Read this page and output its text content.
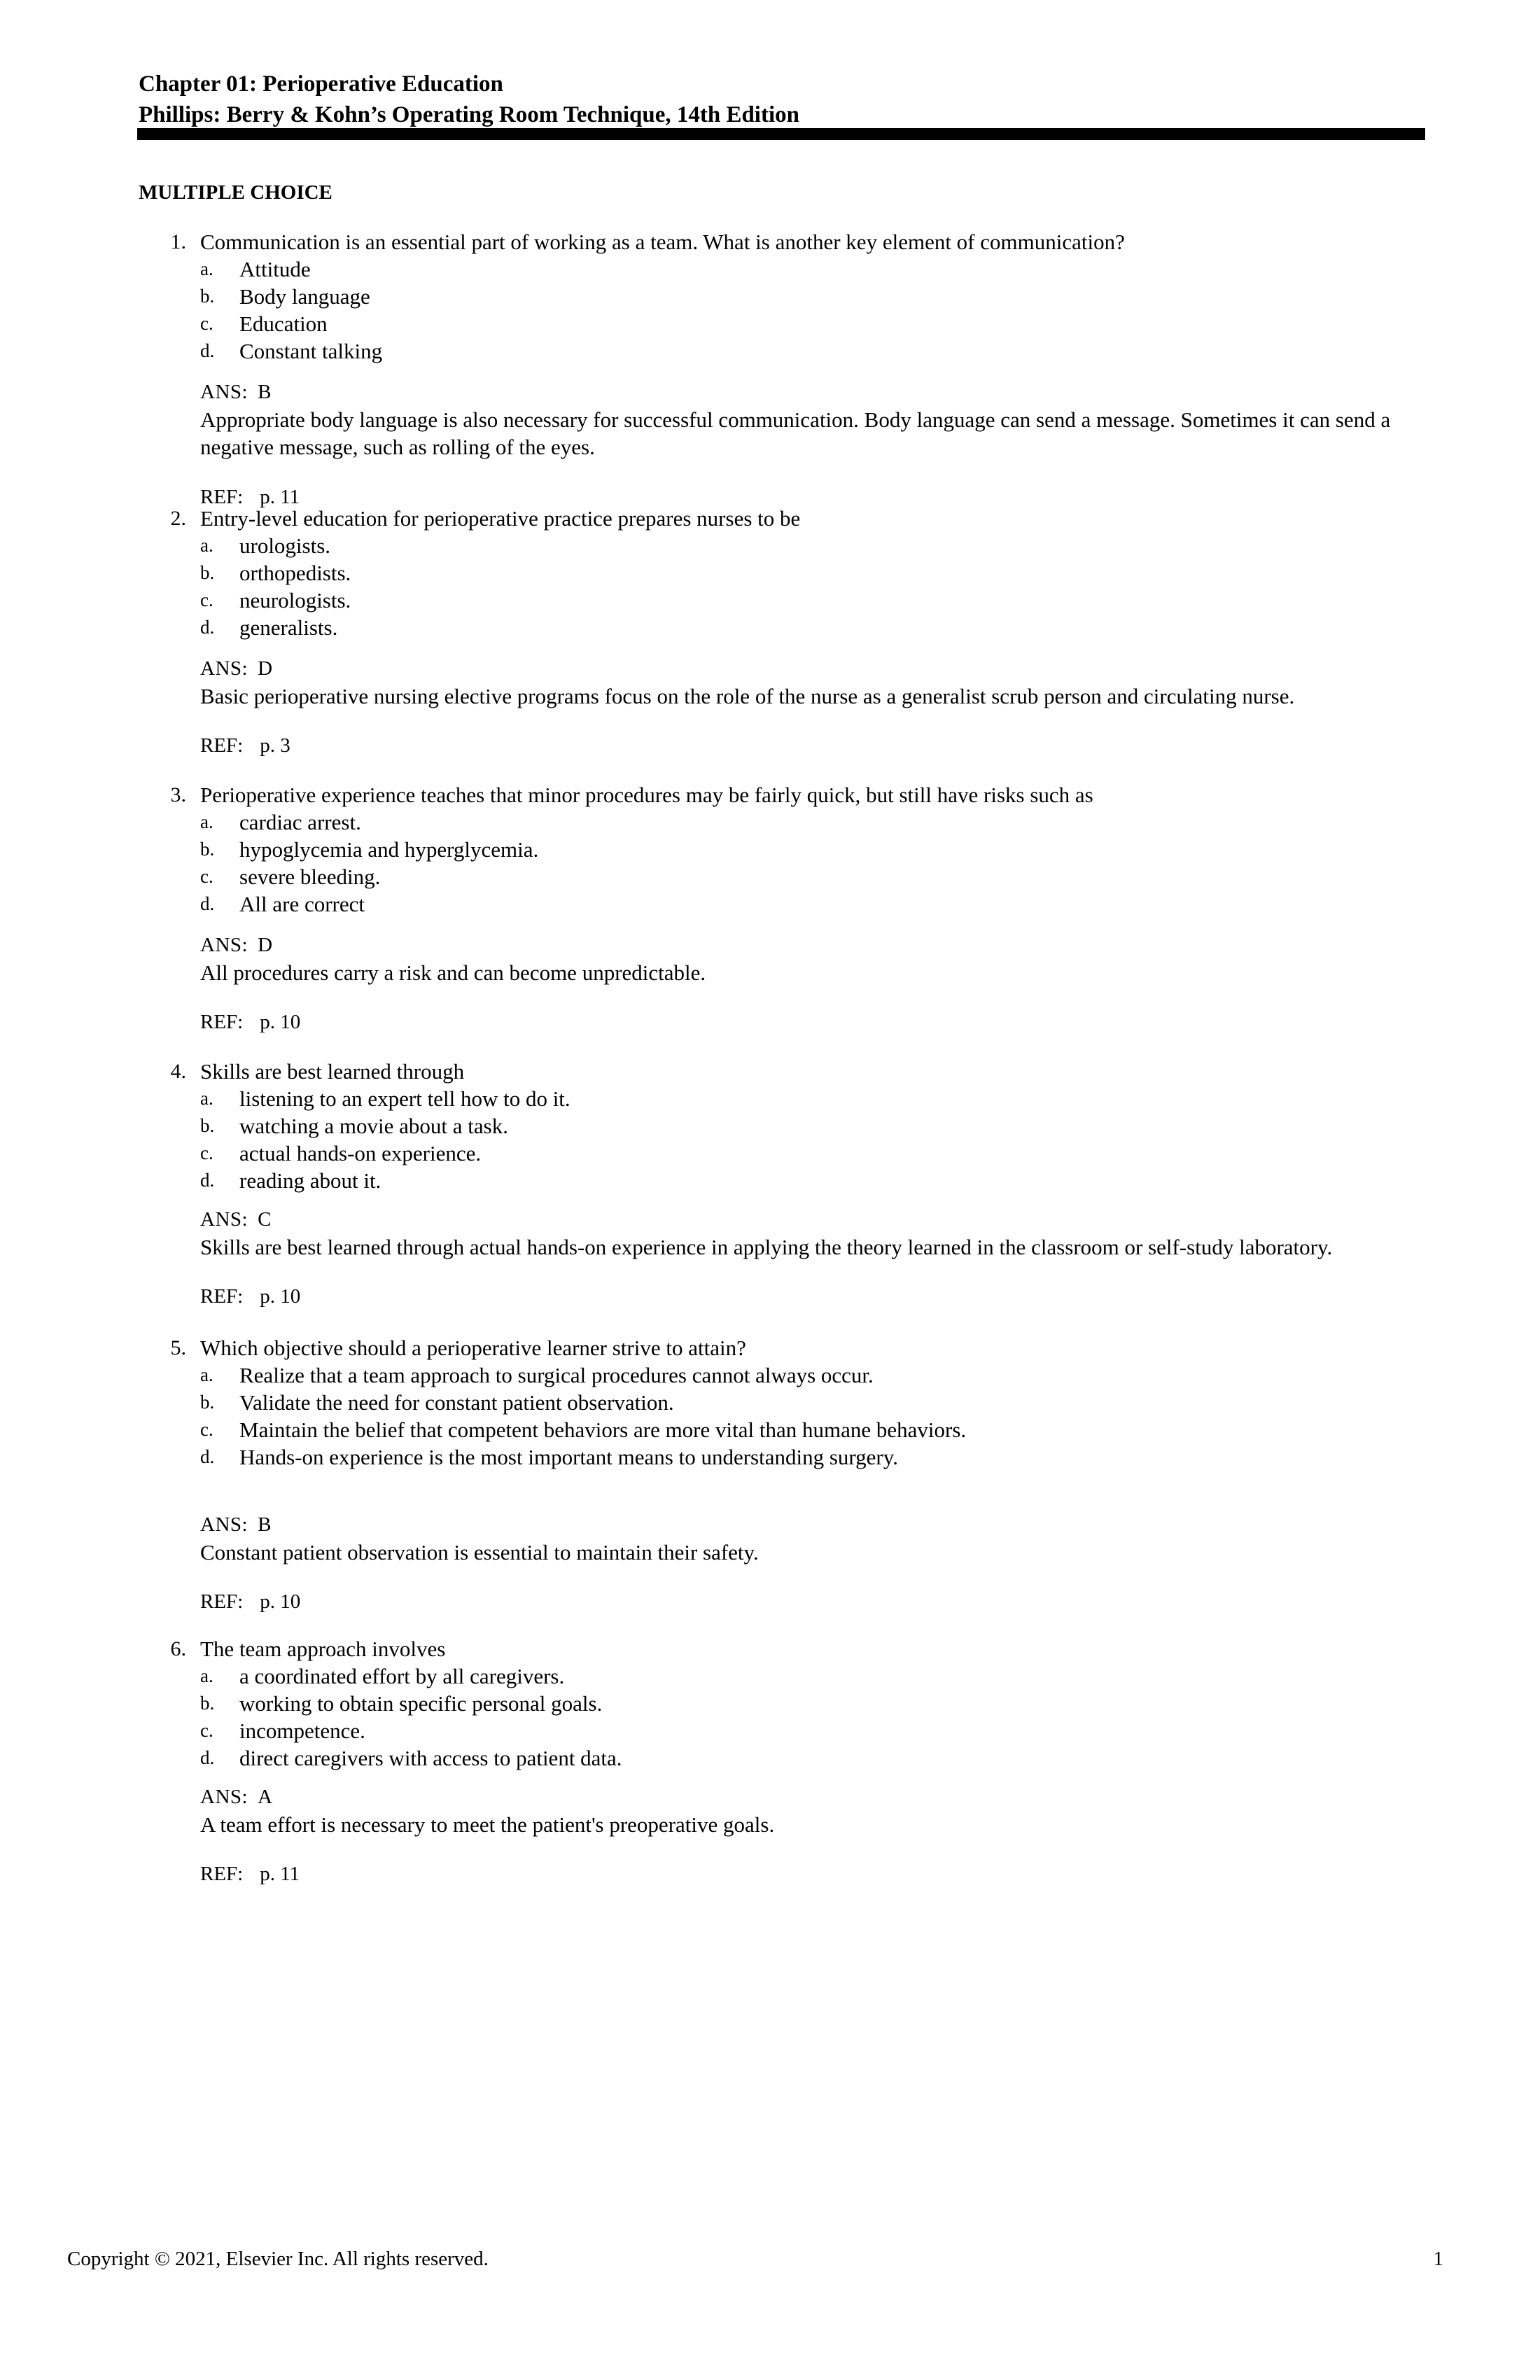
Chapter 01: Perioperative Education
Phillips: Berry & Kohn’s Operating Room Technique, 14th Edition
MULTIPLE CHOICE
1. Communication is an essential part of working as a team. What is another key element of communication?
a. Attitude
b. Body language
c. Education
d. Constant talking
ANS: B
Appropriate body language is also necessary for successful communication. Body language can send a message. Sometimes it can send a negative message, such as rolling of the eyes.
REF: p. 11
2. Entry-level education for perioperative practice prepares nurses to be
a. urologists.
b. orthopedists.
c. neurologists.
d. generalists.
ANS: D
Basic perioperative nursing elective programs focus on the role of the nurse as a generalist scrub person and circulating nurse.
REF: p. 3
3. Perioperative experience teaches that minor procedures may be fairly quick, but still have risks such as
a. cardiac arrest.
b. hypoglycemia and hyperglycemia.
c. severe bleeding.
d. All are correct
ANS: D
All procedures carry a risk and can become unpredictable.
REF: p. 10
4. Skills are best learned through
a. listening to an expert tell how to do it.
b. watching a movie about a task.
c. actual hands-on experience.
d. reading about it.
ANS: C
Skills are best learned through actual hands-on experience in applying the theory learned in the classroom or self-study laboratory.
REF: p. 10
5. Which objective should a perioperative learner strive to attain?
a. Realize that a team approach to surgical procedures cannot always occur.
b. Validate the need for constant patient observation.
c. Maintain the belief that competent behaviors are more vital than humane behaviors.
d. Hands-on experience is the most important means to understanding surgery.
ANS: B
Constant patient observation is essential to maintain their safety.
REF: p. 10
6. The team approach involves
a. a coordinated effort by all caregivers.
b. working to obtain specific personal goals.
c. incompetence.
d. direct caregivers with access to patient data.
ANS: A
A team effort is necessary to meet the patient's preoperative goals.
REF: p. 11
Copyright © 2021, Elsevier Inc. All rights reserved.	1
